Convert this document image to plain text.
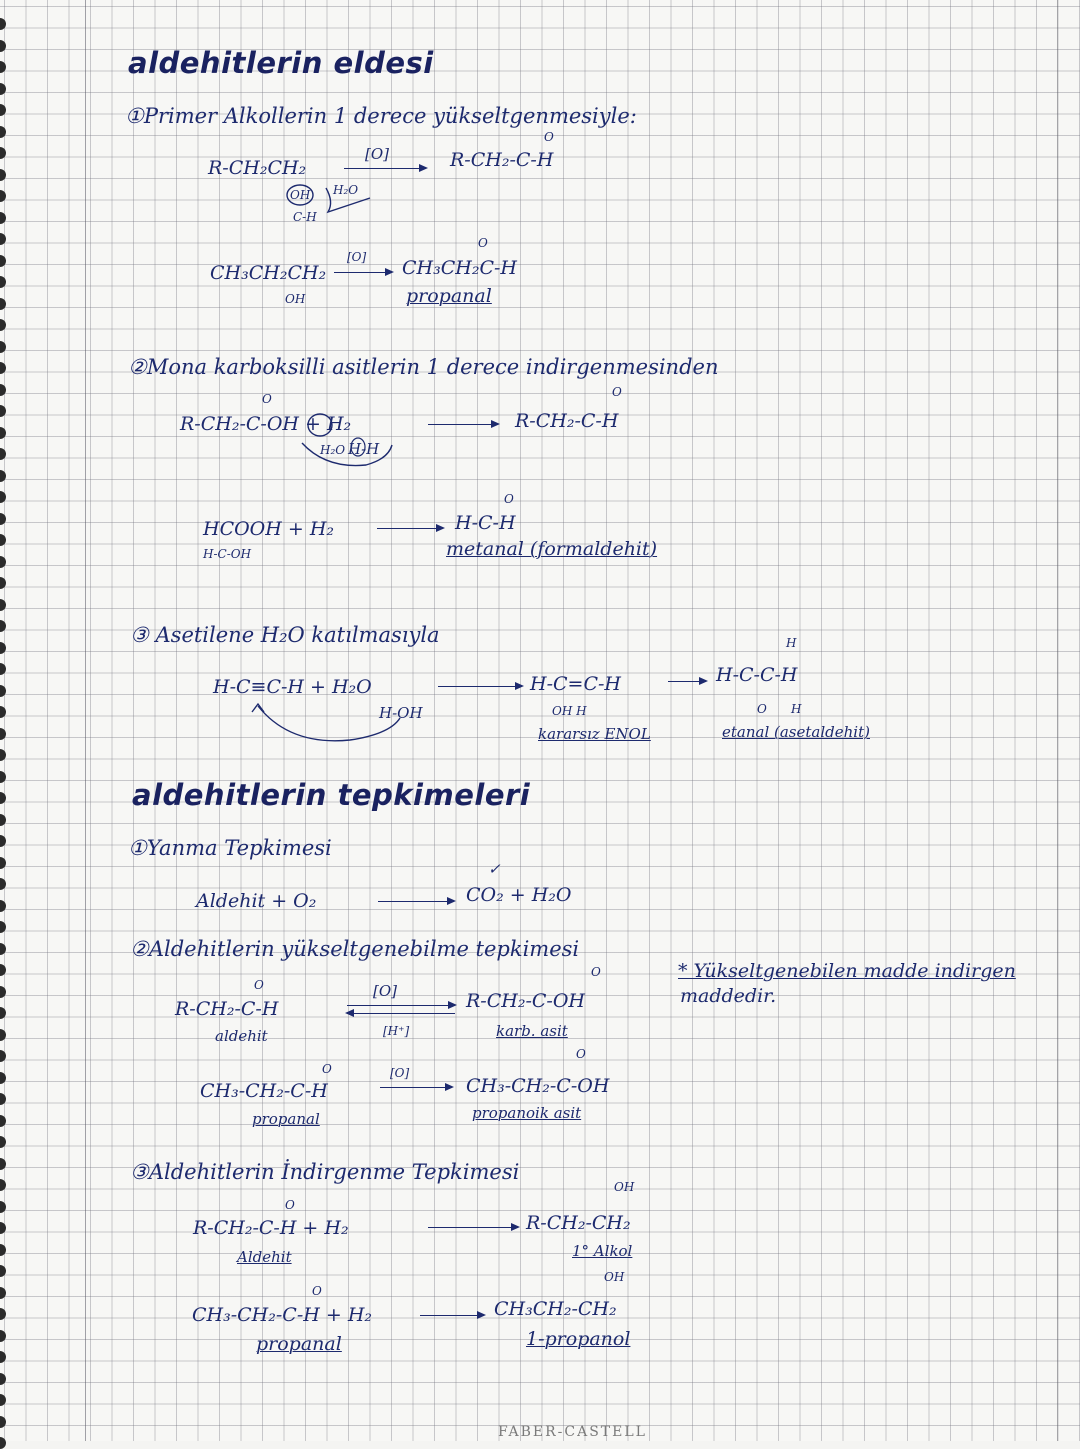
aldehitlerin eldesi
①Primer Alkollerin 1 derece yükseltgenmesiyle:
R-CH₂CH₂
OH H₂O
C-H
[O]
O
R-CH₂-C-H
CH₃CH₂CH₂
OH
[O]
O
CH₃CH₂C-H
propanal
②Mona karboksilli asitlerin 1 derece indirgenmesinden
O
R-CH₂-C-OH + H₂
H₂O H-H
O
R-CH₂-C-H
HCOOH + H₂
H-C-OH
O
H-C-H
metanal (formaldehit)
③ Asetilene H₂O katılmasıyla
H-C≡C-H + H₂O
H-OH
H-C=C-H
OH H
kararsız ENOL
H
H-C-C-H
O H
etanal (asetaldehit)
aldehitlerin tepkimeleri
①Yanma Tepkimesi
Aldehit + O₂
✓
CO₂ + H₂O
②Aldehitlerin yükseltgenebilme tepkimesi
O
R-CH₂-C-H
aldehit
[O]
[H⁺]
O
R-CH₂-C-OH
karb. asit
* Yükseltgenebilen madde indirgen
maddedir.
O
CH₃-CH₂-C-H
propanal
[O]
O
CH₃-CH₂-C-OH
propanoik asit
③Aldehitlerin İndirgenme Tepkimesi
O
R-CH₂-C-H + H₂
Aldehit
OH
R-CH₂-CH₂
1° Alkol
O
CH₃-CH₂-C-H + H₂
propanal
OH
CH₃CH₂-CH₂
1-propanol
FABER-CASTELL
